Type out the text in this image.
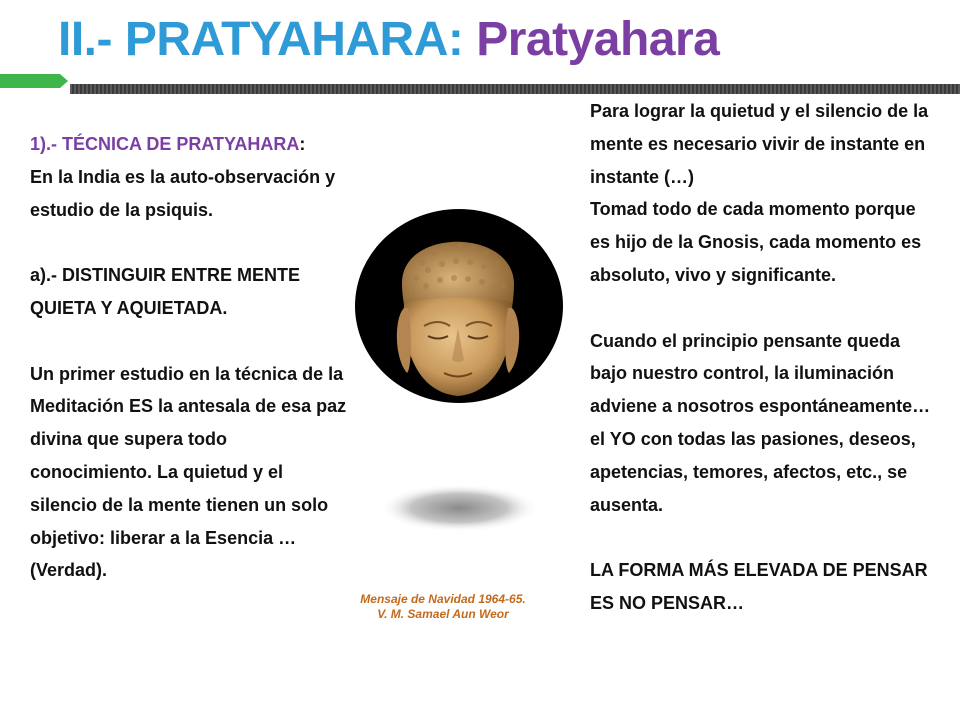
II.- PRATYAHARA: Pratyahara

1).- TÉCNICA DE PRATYAHARA:

En la India es la auto-observación y estudio de la psiquis.

a).- DISTINGUIR ENTRE MENTE QUIETA Y AQUIETADA.

Un primer estudio en la técnica de la Meditación ES la antesala de esa paz divina que supera todo conocimiento. La quietud y el silencio de la mente tienen un solo objetivo: liberar a la Esencia … (Verdad).

Mensaje de Navidad 1964-65.
V. M. Samael Aun Weor

Para lograr la quietud y el silencio de la mente es necesario vivir de instante en instante (…)

Tomad todo de cada momento porque es hijo de la Gnosis, cada momento es absoluto, vivo y significante.

Cuando el principio pensante queda bajo nuestro control, la iluminación adviene a nosotros espontáneamente… el YO con todas las pasiones, deseos, apetencias, temores, afectos, etc., se ausenta.

LA FORMA MÁS ELEVADA DE PENSAR ES NO PENSAR…
